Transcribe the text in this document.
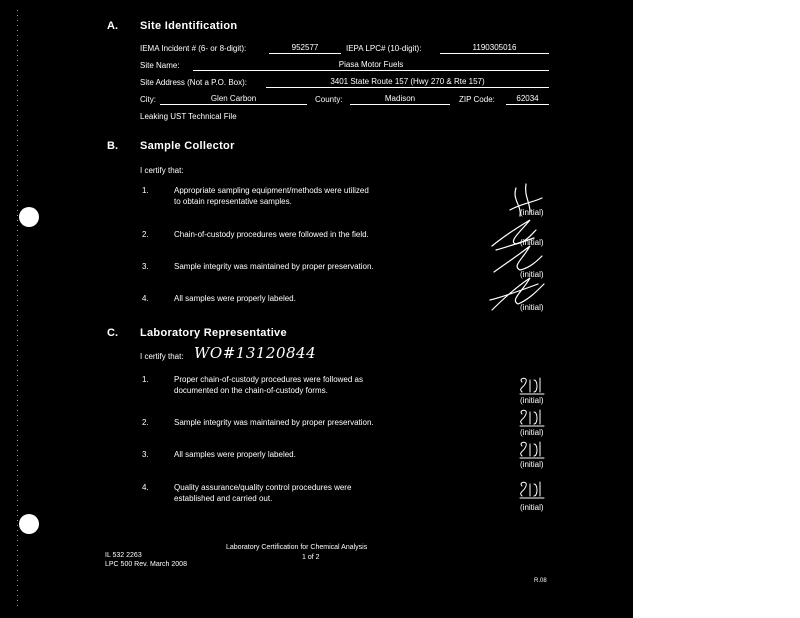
A. Site Identification
IEMA Incident # (6- or 8-digit):	952577	IEPA LPC# (10-digit):	1190305016
Site Name:	Piasa Motor Fuels
Site Address (Not a P.O. Box):	3401 State Route 157 (Hwy 270 & Rte 157)
City:	Glen Carbon	County:	Madison	ZIP Code:	62034
Leaking UST Technical File
B. Sample Collector
I certify that:
1.	Appropriate sampling equipment/methods were utilized
to obtain representative samples.
(initial)
2.	Chain-of-custody procedures were followed in the field.
(initial)
3.	Sample integrity was maintained by proper preservation.
(initial)
4.	All samples were properly labeled.
(initial)
C. Laboratory Representative
I certify that: WO#13120844
1.	Proper chain-of-custody procedures were followed as
documented on the chain-of-custody forms.
(initial)
2.	Sample integrity was maintained by proper preservation.
(initial)
3.	All samples were properly labeled.
(initial)
4.	Quality assurance/quality control procedures were
established and carried out.
(initial)
Laboratory Certification for Chemical Analysis
IL 532 2263
LPC 500 Rev. March 2008
1 of 2
R.08
